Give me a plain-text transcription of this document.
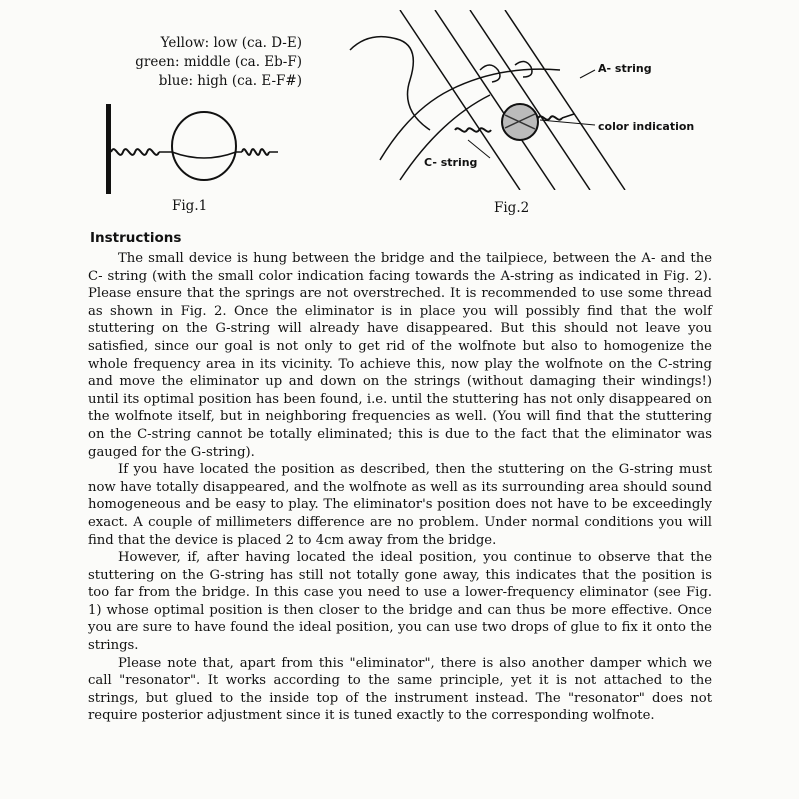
Yellow: low (ca. D-E)
green: middle (ca. Eb-F)
blue: high (ca. E-F#)
Fig.1
A- string
color indication
C- string
Fig.2
Instructions

The small device is hung between the bridge and the tailpiece, between the A- and the C- string (with the small color indication facing towards the A-string as indicated in Fig. 2). Please ensure that the springs are not overstreched. It is recommended to use some thread as shown in Fig. 2. Once the eliminator is in place you will possibly find that the wolf stuttering on the G-string will already have disappeared. But this should not leave you satisfied, since our goal is not only to get rid of the wolfnote but also to homogenize the whole frequency area in its vicinity. To achieve this, now play the wolfnote on the C-string and move the eliminator up and down on the strings (without damaging their windings!) until its optimal position has been found, i.e. until the stuttering has not only disappeared on the wolfnote itself, but in neighboring frequencies as well. (You will find that the stuttering on the C-string cannot be totally eliminated; this is due to the fact that the eliminator was gauged for the G-string).

If you have located the position as described, then the stuttering on the G-string must now have totally disappeared, and the wolfnote as well as its surrounding area should sound homogeneous and be easy to play. The eliminator's position does not have to be exceedingly exact. A couple of millimeters difference are no problem. Under normal conditions you will find that the device is placed 2 to 4cm away from the bridge.

However, if, after having located the ideal position, you continue to observe that the stuttering on the G-string has still not totally gone away, this indicates that the position is too far from the bridge. In this case you need to use a lower-frequency eliminator (see Fig. 1) whose optimal position is then closer to the bridge and can thus be more effective. Once you are sure to have found the ideal position, you can use two drops of glue to fix it onto the strings.

Please note that, apart from this "eliminator", there is also another damper which we call "resonator". It works according to the same principle, yet it is not attached to the strings, but glued to the inside top of the instrument instead. The "resonator" does not require posterior adjustment since it is tuned exactly to the corresponding wolfnote.
